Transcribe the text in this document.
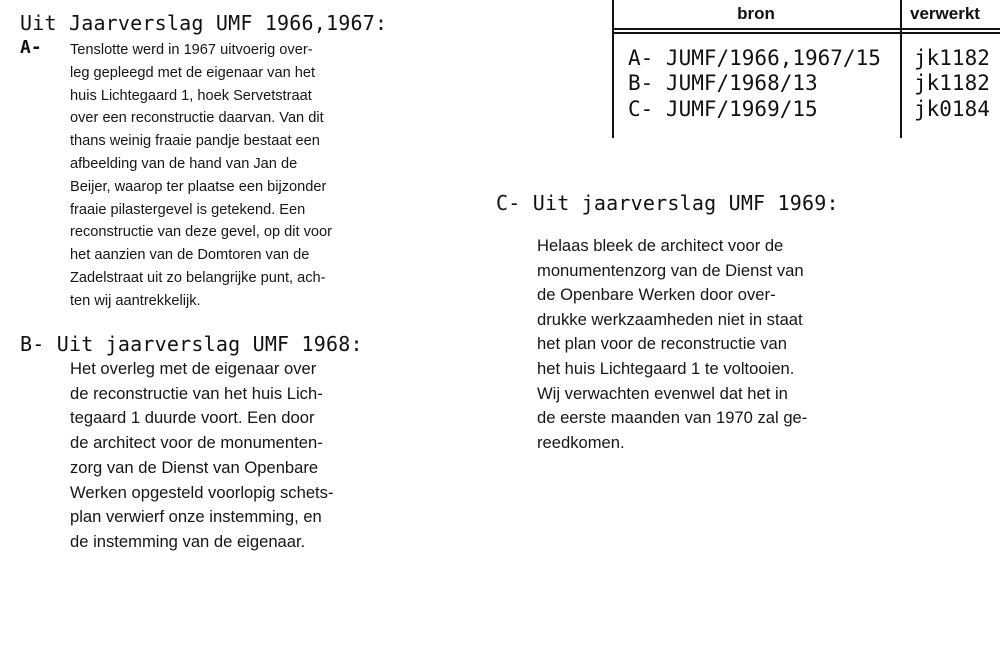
Uit Jaarverslag UMF 1966,1967:
A- Tenslotte werd in 1967 uitvoerig over-
leg gepleegd met de eigenaar van het
huis Lichtegaard 1, hoek Servetstraat
over een reconstructie daarvan. Van dit
thans weinig fraaie pandje bestaat een
afbeelding van de hand van Jan de
Beijer, waarop ter plaatse een bijzonder
fraaie pilastergevel is getekend. Een
reconstructie van deze gevel, op dit voor
het aanzien van de Domtoren van de
Zadelstraat uit zo belangrijke punt, ach-
ten wij aantrekkelijk.

B- Uit jaarverslag UMF 1968:

Het overleg met de eigenaar over
de reconstructie van het huis Lich-
tegaard 1 duurde voort. Een door
de architect voor de monumenten-
zorg van de Dienst van Openbare
Werken opgesteld voorlopig schets-
plan verwierf onze instemming, en
de instemming van de eigenaar.

C- Uit jaarverslag UMF 1969:

Helaas bleek de architect voor de
monumentenzorg van de Dienst van
de Openbare Werken door over-
drukke werkzaamheden niet in staat
het plan voor de reconstructie van
het huis Lichtegaard 1 te voltooien.
Wij verwachten evenwel dat het in
de eerste maanden van 1970 zal ge-
reedkomen.

bron	verwerkt
A- JUMF/1966,1967/15 jk1182
B- JUMF/1968/13	jk1182
C- JUMF/1969/15	jk0184
